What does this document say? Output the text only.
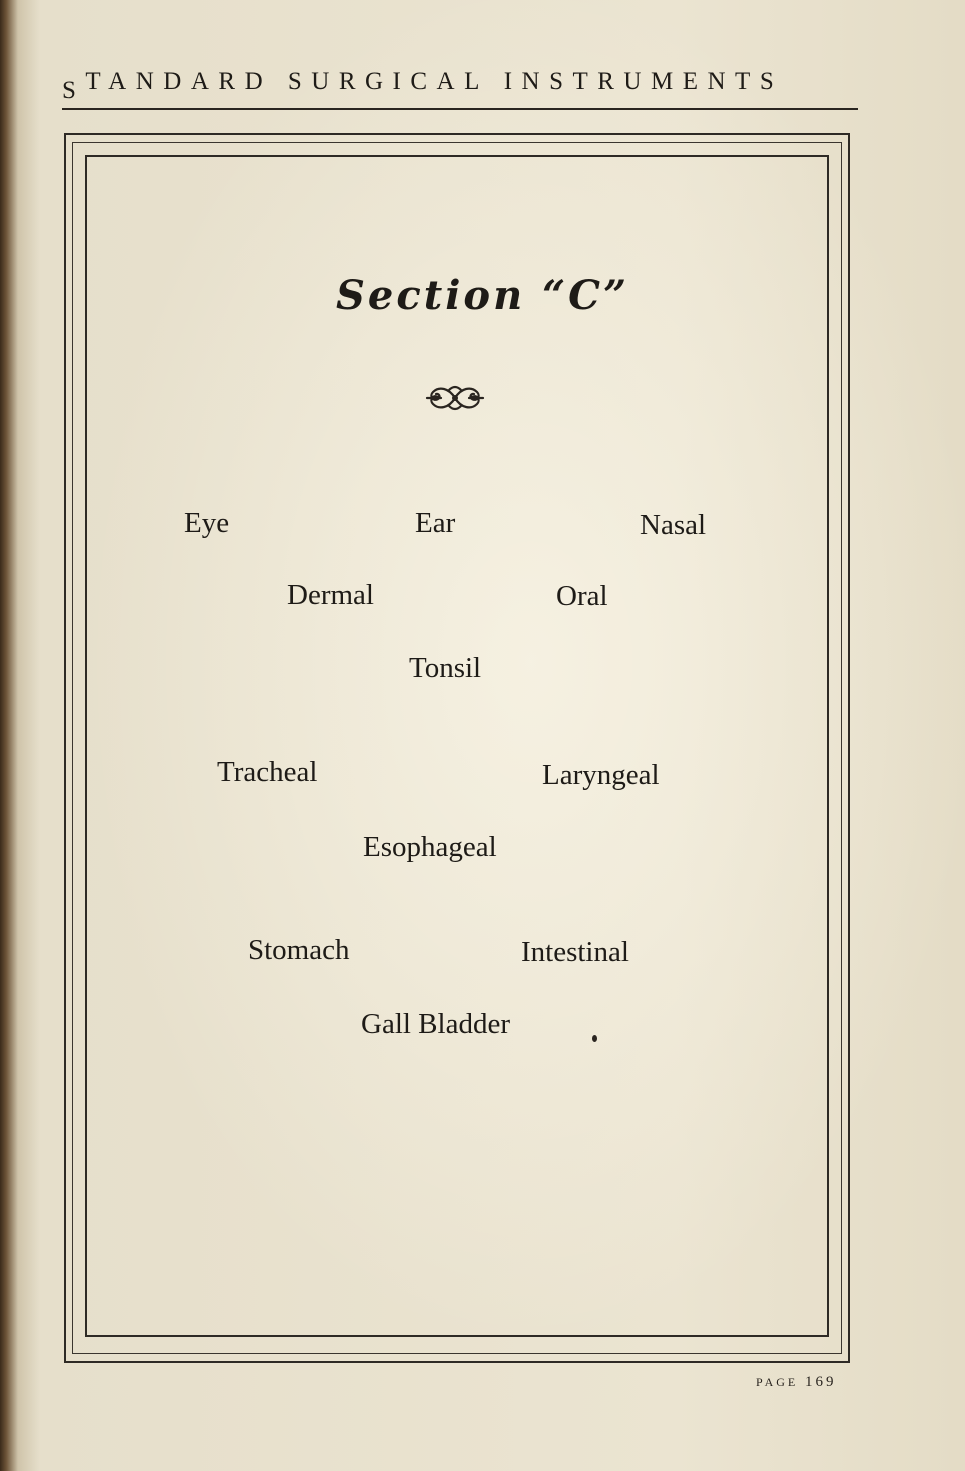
STANDARD SURGICAL INSTRUMENTS
Section “C”
Eye	Ear	Nasal
Dermal	Oral
Tonsil
Tracheal	Laryngeal
Esophageal
Stomach	Intestinal
Gall Bladder
PAGE 169
